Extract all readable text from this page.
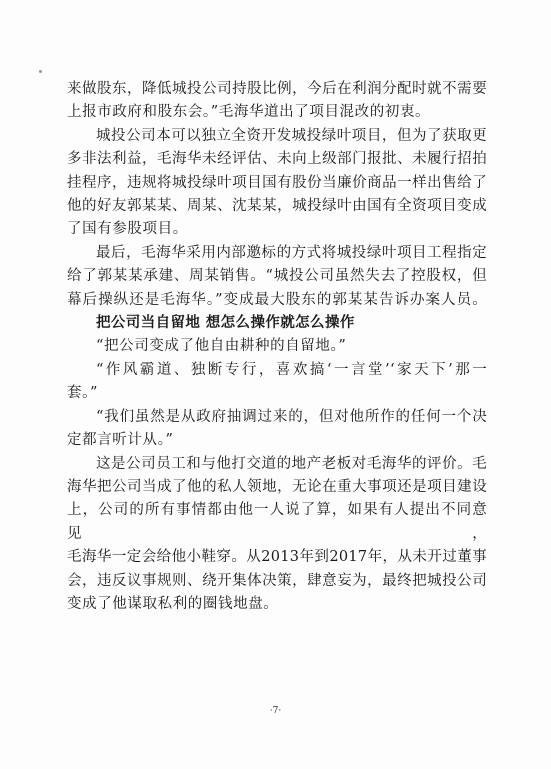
来做股东，降低城投公司持股比例，今后在利润分配时就不需要
上报市政府和股东会。”毛海华道出了项目混改的初衷。
城投公司本可以独立全资开发城投绿叶项目，但为了获取更
多非法利益，毛海华未经评估、未向上级部门报批、未履行招拍
挂程序，违规将城投绿叶项目国有股份当廉价商品一样出售给了
他的好友郭某某、周某、沈某某，城投绿叶由国有全资项目变成
了国有参股项目。
最后，毛海华采用内部邀标的方式将城投绿叶项目工程指定
给了郭某某承建、周某销售。“城投公司虽然失去了控股权，但
幕后操纵还是毛海华。”变成最大股东的郭某某告诉办案人员。
把公司当自留地 想怎么操作就怎么操作
“把公司变成了他自由耕种的自留地。”
“作风霸道、独断专行，喜欢搞‘一言堂’‘家天下’那一
套。”
“我们虽然是从政府抽调过来的，但对他所作的任何一个决
定都言听计从。”
这是公司员工和与他打交道的地产老板对毛海华的评价。毛
海华把公司当成了他的私人领地，无论在重大事项还是项目建设
上，公司的所有事情都由他一人说了算，如果有人提出不同意见，
毛海华一定会给他小鞋穿。从2013年到2017年，从未开过董事
会，违反议事规则、绕开集体决策，肆意妄为，最终把城投公司
变成了他谋取私利的圈钱地盘。
·7·
